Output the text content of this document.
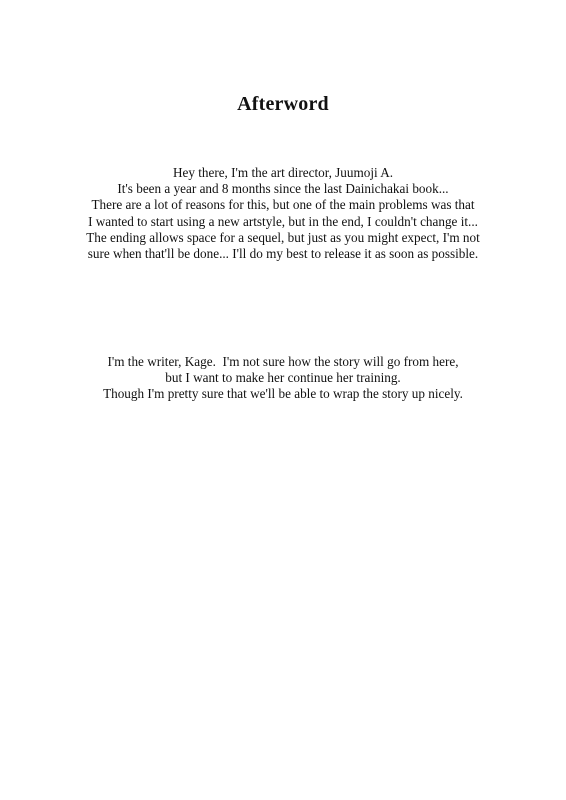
Afterword
Hey there, I'm the art director, Juumoji A.
It's been a year and 8 months since the last Dainichakai book...
There are a lot of reasons for this, but one of the main problems was that
I wanted to start using a new artstyle, but in the end, I couldn't change it...
The ending allows space for a sequel, but just as you might expect, I'm not
sure when that'll be done... I'll do my best to release it as soon as possible.
I'm the writer, Kage.  I'm not sure how the story will go from here,
but I want to make her continue her training.
Though I'm pretty sure that we'll be able to wrap the story up nicely.
